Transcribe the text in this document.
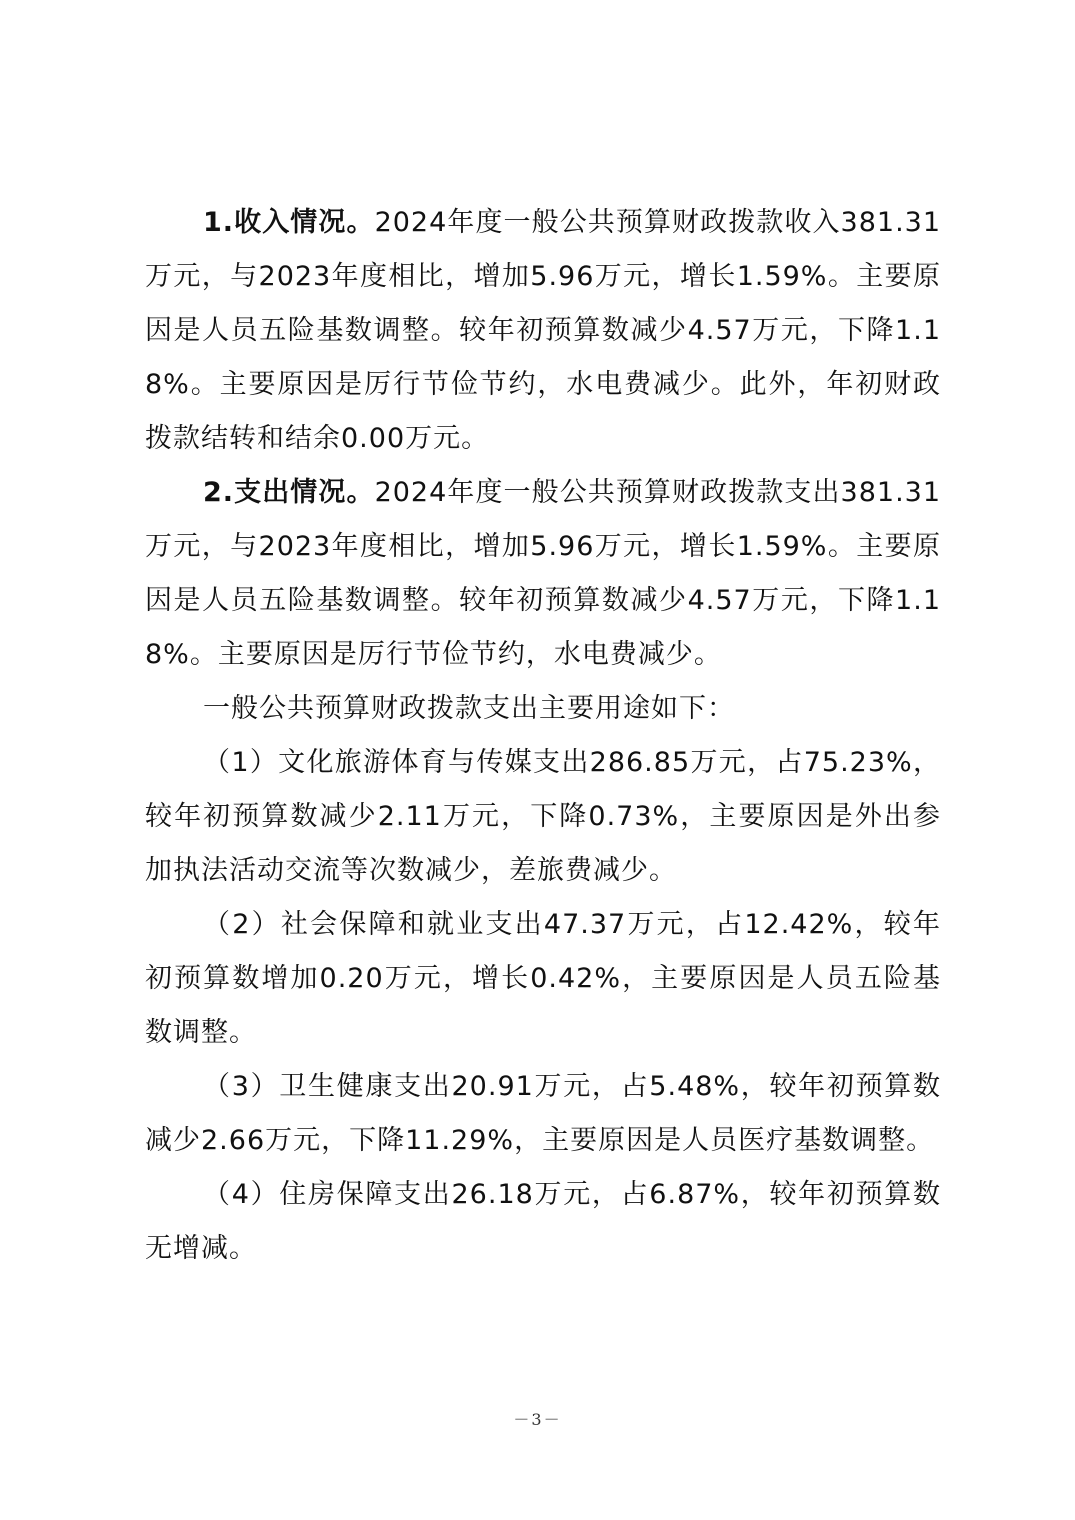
1.收入情况。2024年度一般公共预算财政拨款收入381.31万元，与2023年度相比，增加5.96万元，增长1.59%。主要原因是人员五险基数调整。较年初预算数减少4.57万元，下降1.18%。主要原因是厉行节俭节约，水电费减少。此外，年初财政拨款结转和结余0.00万元。

2.支出情况。2024年度一般公共预算财政拨款支出381.31万元，与2023年度相比，增加5.96万元，增长1.59%。主要原因是人员五险基数调整。较年初预算数减少4.57万元，下降1.18%。主要原因是厉行节俭节约，水电费减少。

一般公共预算财政拨款支出主要用途如下：

（1）文化旅游体育与传媒支出286.85万元，占75.23%，较年初预算数减少2.11万元，下降0.73%，主要原因是外出参加执法活动交流等次数减少，差旅费减少。

（2）社会保障和就业支出47.37万元，占12.42%，较年初预算数增加0.20万元，增长0.42%，主要原因是人员五险基数调整。

（3）卫生健康支出20.91万元，占5.48%，较年初预算数减少2.66万元，下降11.29%，主要原因是人员医疗基数调整。

（4）住房保障支出26.18万元，占6.87%，较年初预算数无增减。

－3－
